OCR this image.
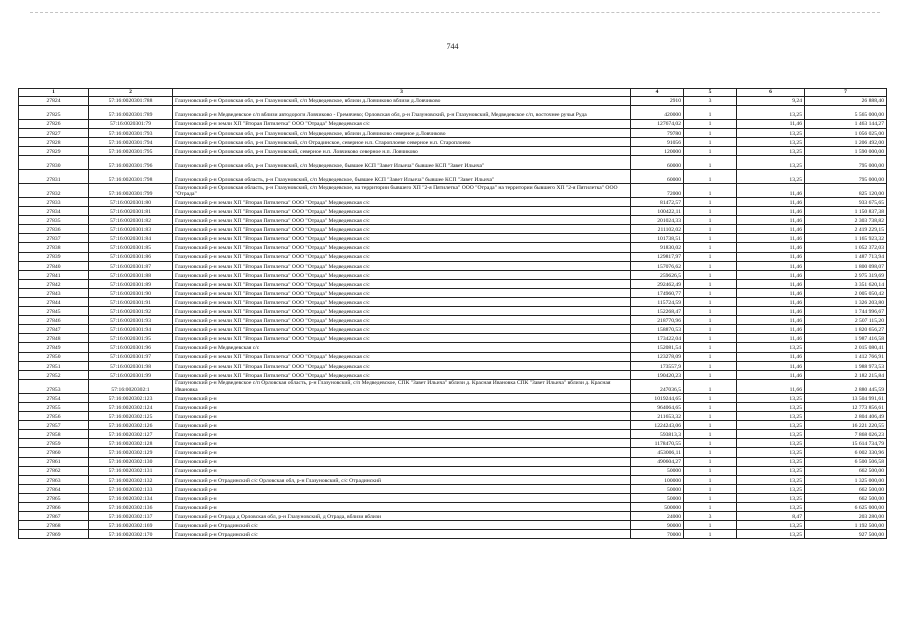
744
1	2	3	4	5	6	7
27824	57:16:0020301:788	Глазуновский р-н Орловская обл, р-н Глазуновский, с/п Медведевское, вблизи д.Ловчиково вблизи д.Ловчиково	2910	3	9,24	26 888,40
27825	57:16:0020301:789	Глазуновский р-н Медведевское с/п вблизи автодороги Ловчиково - Гремячево; Орловская обл, р-н Глазуновский, р-н Глазуновский, Медведевское с/п, восточнее ручья Руда	420000	1	13,25	5 565 000,00
27826	57:16:0020301:79	Глазуновский р-н земли ХП "Вторая Пятилетка" ООО "Отрада" Медведевская с/с	127674,02	1	11,46	1 463 144,27
27827	57:16:0020301:793	Глазуновский р-н Орловская обл, р-н Глазуновский, с/п Медведевское, вблизи д.Ловчиково северное д.Ловчиково	79780	1	13,25	1 056 025,00
27828	57:16:0020301:794	Глазуновский р-н Орловская обл, р-н Глазуновский, с/п Отрадинское, северное н.п. Староплоеве северное н.п. Староплоево	91056	1	13,25	1 206 492,00
27829	57:16:0020301:795	Глазуновский р-н Орловская обл, р-н Глазуновский, северное н.п. Ловчиково северное н.п. Ловчиково	120000	1	13,25	1 590 000,00
27830	57:16:0020301:796	Глазуновский р-н Орловская обл, р-н Глазуновский, с/п Медведевское, бывшее КСП "Завет Ильича" бывшее КСП "Завет Ильича"	60000	1	13,25	795 000,00
27831	57:16:0020301:798	Глазуновский р-н Орловская область, р-н Глазуновский, с/п Медведевское, бывшее КСП "Завет Ильича" бывшее КСП "Завет Ильича"	60000	1	13,25	795 000,00
27832	57:16:0020301:799	Глазуновский р-н Орловская область, р-н Глазуновский, с/п Медведевское, на территории бывшего ХП "2-я Пятилетка" ООО "Отрада" на территории бывшего ХП "2-я Пятилетка" ООО "Отрада"	72000	1	11,46	825 120,00
27833	57:16:0020301:80	Глазуновский р-н земли ХП "Вторая Пятилетка" ООО "Отрада" Медведевская с/с	81472,57	1	11,46	933 675,65
27834	57:16:0020301:81	Глазуновский р-н земли ХП "Вторая Пятилетка" ООО "Отрада" Медведевская с/с	100422,11	1	11,46	1 150 837,38
27835	57:16:0020301:82	Глазуновский р-н земли ХП "Вторая Пятилетка" ООО "Отрада" Медведевская с/с	201024,33	1	11,46	2 303 738,82
27836	57:16:0020301:83	Глазуновский р-н земли ХП "Вторая Пятилетка" ООО "Отрада" Медведевская с/с	211102,02	1	11,46	2 419 229,15
27837	57:16:0020301:84	Глазуновский р-н земли ХП "Вторая Пятилетка" ООО "Отрада" Медведевская с/с	101738,51	1	11,46	1 165 923,32
27838	57:16:0020301:85	Глазуновский р-н земли ХП "Вторая Пятилетка" ООО "Отрада" Медведевская с/с	91830,02	1	11,46	1 052 372,03
27839	57:16:0020301:86	Глазуновский р-н земли ХП "Вторая Пятилетка" ООО "Отрада" Медведевская с/с	129817,97	1	11,46	1 487 713,94
27840	57:16:0020301:87	Глазуновский р-н земли ХП "Вторая Пятилетка" ООО "Отрада" Медведевская с/с	157076,62	1	11,46	1 800 098,07
27841	57:16:0020301:88	Глазуновский р-н земли ХП "Вторая Пятилетка" ООО "Отрада" Медведевская с/с	259626,5	1	11,46	2 975 319,69
27842	57:16:0020301:89	Глазуновский р-н земли ХП "Вторая Пятилетка" ООО "Отрада" Медведевская с/с	292462,49	1	11,46	3 351 620,14
27843	57:16:0020301:90	Глазуновский р-н земли ХП "Вторая Пятилетка" ООО "Отрада" Медведевская с/с	174960,77	1	11,46	2 005 050,42
27844	57:16:0020301:91	Глазуновский р-н земли ХП "Вторая Пятилетка" ООО "Отрада" Медведевская с/с	115724,59	1	11,46	1 326 203,80
27845	57:16:0020301:92	Глазуновский р-н земли ХП "Вторая Пятилетка" ООО "Отрада" Медведевская с/с	152268,47	1	11,46	1 744 996,67
27846	57:16:0020301:93	Глазуновский р-н земли ХП "Вторая Пятилетка" ООО "Отрада" Медведевская с/с	218770,96	1	11,46	2 507 115,20
27847	57:16:0020301:94	Глазуновский р-н земли ХП "Вторая Пятилетка" ООО "Отрада" Медведевская с/с	158870,53	1	11,46	1 820 656,27
27848	57:16:0020301:95	Глазуновский р-н земли ХП "Вторая Пятилетка" ООО "Отрада" Медведевская с/с	173422,04	1	11,46	1 987 416,58
27849	57:16:0020301:96	Глазуновский р-н Медведевская с/с	152081,54	1	13,25	2 015 080,41
27850	57:16:0020301:97	Глазуновский р-н земли ХП "Вторая Пятилетка" ООО "Отрада" Медведевская с/с	123278,09	1	11,46	1 412 766,91
27851	57:16:0020301:98	Глазуновский р-н земли ХП "Вторая Пятилетка" ООО "Отрада" Медведевская с/с	173557,9	1	11,46	1 988 973,53
27852	57:16:0020301:99	Глазуновский р-н земли ХП "Вторая Пятилетка" ООО "Отрада" Медведевская с/с	190420,23	1	11,46	2 182 215,84
27853	57:16:0020302:1	Глазуновский р-н Медведевское с/п Орловская область, р-н Глазуновский, с/п Медведевское, СПК "Завет Ильича" вблизи д. Красная Ивановка СПК "Завет Ильича" вблизи д. Красная Ивановка	247036,5	1	11,66	2 880 445,59
27854	57:16:0020302:123	Глазуновский р-н	1019244,65	1	13,25	13 504 991,61
27855	57:16:0020302:124	Глазуновский р-н	964064,65	1	13,25	12 773 856,61
27856	57:16:0020302:125	Глазуновский р-н	211653,32	1	13,25	2 804 406,49
27857	57:16:0020302:126	Глазуновский р-н	1224243,06	1	13,25	16 221 220,55
27858	57:16:0020302:127	Глазуновский р-н	593813,3	1	13,25	7 868 026,23
27859	57:16:0020302:128	Глазуновский р-н	1178470,55	1	13,25	15 614 734,79
27860	57:16:0020302:129	Глазуновский р-н	453006,11	1	13,25	6 002 330,96
27861	57:16:0020302:130	Глазуновский р-н	490604,27	1	13,25	6 500 506,58
27862	57:16:0020302:131	Глазуновский р-н	50000	1	13,25	662 500,00
27863	57:16:0020302:132	Глазуновский р-н Отрадинский с/с Орловская обл, р-н Глазуновский, с/с Отрадинский	100000	1	13,25	1 325 000,00
27864	57:16:0020302:133	Глазуновский р-н	50000	1	13,25	662 500,00
27865	57:16:0020302:134	Глазуновский р-н	50000	1	13,25	662 500,00
27866	57:16:0020302:136	Глазуновский р-н	500000	1	13,25	6 625 000,00
27867	57:16:0020302:137	Глазуновский р-н Отрада д Орловская обл, р-н Глазуновский, д Отрада, вблизи вблизи	24000	3	8,47	203 280,00
27868	57:16:0020302:169	Глазуновский р-н Отрадинский с/с	90000	1	13,25	1 192 500,00
27869	57:16:0020302:170	Глазуновский р-н Отрадинский с/с	70000	1	13,25	927 500,00
